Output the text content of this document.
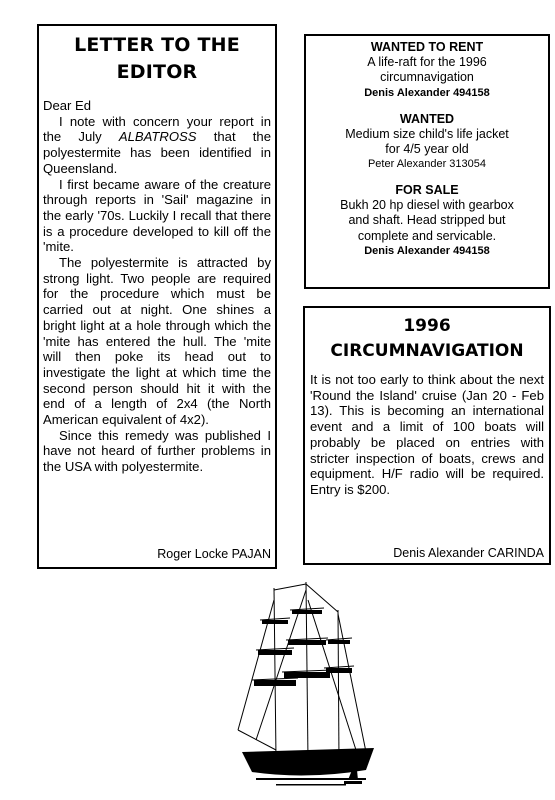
LETTER TO THE
EDITOR
Dear Ed

I note with concern your report in the July ALBATROSS that the polyestermite has been identified in Queensland.

I first became aware of the creature through reports in 'Sail' magazine in the early '70s. Luckily I recall that there is a procedure developed to kill off the 'mite.

The polyestermite is attracted by strong light. Two people are required for the procedure which must be carried out at night. One shines a bright light at a hole through which the 'mite has entered the hull. The 'mite will then poke its head out to investigate the light at which time the second person should hit it with the end of a length of 2x4 (the North American equivalent of 4x2).

Since this remedy was published I have not heard of further problems in the USA with polyestermite.

Roger Locke PAJAN
WANTED TO RENT
A life-raft for the 1996
circumnavigation
Denis Alexander 494158
WANTED
Medium size child's life jacket
for 4/5 year old
Peter Alexander 313054
FOR SALE
Bukh 20 hp diesel with gearbox
and shaft. Head stripped but
complete and servicable.
Denis Alexander 494158
1996
CIRCUMNAVIGATION

It is not too early to think about the next 'Round the Island' cruise (Jan 20 - Feb 13). This is becoming an international event and a limit of 100 boats will probably be placed on entries with stricter inspection of boats, crews and equipment. H/F radio will be required. Entry is $200.

Denis Alexander CARINDA
